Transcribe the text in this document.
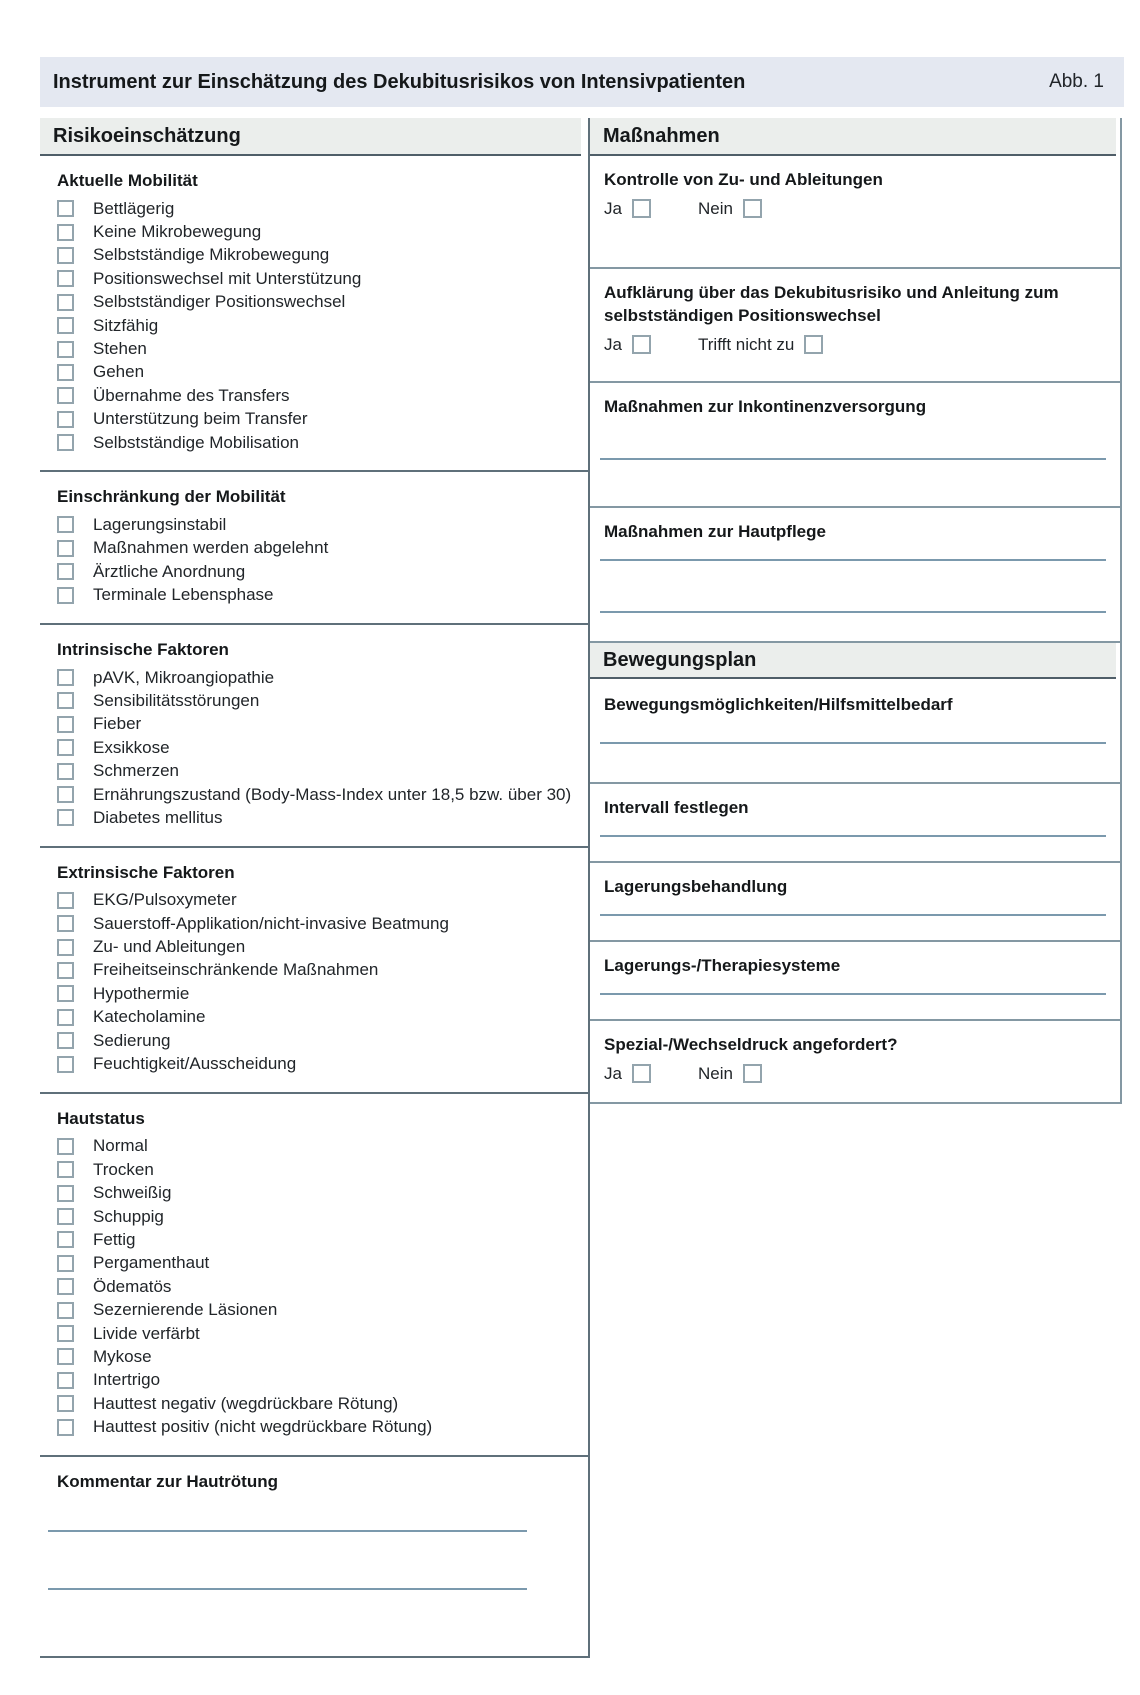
Instrument zur Einschätzung des Dekubitusrisikos von Intensivpatienten	Abb. 1
Risikoeinschätzung
Aktuelle Mobilität
Bettlägerig
Keine Mikrobewegung
Selbstständige Mikrobewegung
Positionswechsel mit Unterstützung
Selbstständiger Positionswechsel
Sitzfähig
Stehen
Gehen
Übernahme des Transfers
Unterstützung beim Transfer
Selbstständige Mobilisation
Einschränkung der Mobilität
Lagerungsinstabil
Maßnahmen werden abgelehnt
Ärztliche Anordnung
Terminale Lebensphase
Intrinsische Faktoren
pAVK, Mikroangiopathie
Sensibilitätsstörungen
Fieber
Exsikkose
Schmerzen
Ernährungszustand (Body-Mass-Index unter 18,5 bzw. über 30)
Diabetes mellitus
Extrinsische Faktoren
EKG/Pulsoxymeter
Sauerstoff-Applikation/nicht-invasive Beatmung
Zu- und Ableitungen
Freiheitseinschränkende Maßnahmen
Hypothermie
Katecholamine
Sedierung
Feuchtigkeit/Ausscheidung
Hautstatus
Normal
Trocken
Schweißig
Schuppig
Fettig
Pergamenthaut
Ödematös
Sezernierende Läsionen
Livide verfärbt
Mykose
Intertrigo
Hauttest negativ (wegdrückbare Rötung)
Hauttest positiv (nicht wegdrückbare Rötung)
Kommentar zur Hautrötung
Maßnahmen

Kontrolle von Zu- und Ableitungen

Ja	Nein

Aufklärung über das Dekubitusrisiko und Anleitung zum

selbstständigen Positionswechsel

Ja	Trifft nicht zu

Maßnahmen zur Inkontinenzversorgung

Maßnahmen zur Hautpflege

Bewegungsplan

Bewegungsmöglichkeiten/Hilfsmittelbedarf

Intervall festlegen

Lagerungsbehandlung

Lagerungs-/Therapiesysteme

Spezial-/Wechseldruck angefordert?

Ja	Nein
